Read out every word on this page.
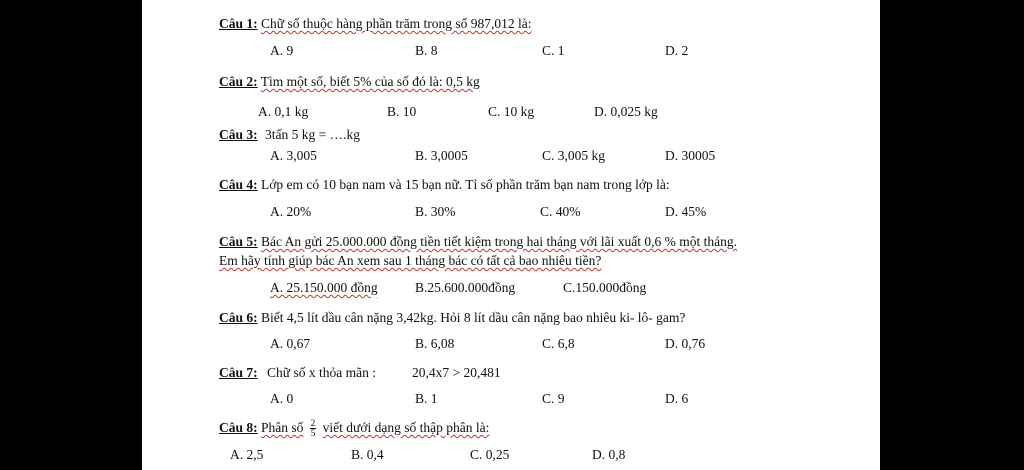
Câu 1: Chữ số thuộc hàng phần trăm trong số 987,012 là:
A. 9	B. 8	C. 1	D. 2
Câu 2: Tìm một số, biết 5% của số đó là: 0,5 kg
A. 0,1 kg	B. 10	C. 10 kg	D. 0,025 kg
Câu 3: 3tấn 5 kg = ….kg
A. 3,005	B. 3,0005	C. 3,005 kg	D. 30005
Câu 4: Lớp em có 10 bạn nam và 15 bạn nữ. Tỉ số phần trăm bạn nam trong lớp là:
A. 20%	B. 30%	C. 40%	D. 45%
Câu 5: Bác An gửi 25.000.000 đồng tiền tiết kiệm trong hai tháng với lãi xuất 0,6 % một tháng.
Em hãy tính giúp bác An xem sau 1 tháng bác có tất cả bao nhiêu tiền?
A. 25.150.000 đồng	B.25.600.000đồng	C.150.000đồng
Câu 6: Biết 4,5 lít dầu cân nặng 3,42kg. Hỏi 8 lít dầu cân nặng bao nhiêu ki- lô- gam?
A. 0,67	B. 6,08	C. 6,8	D. 0,76
Câu 7: Chữ số x thỏa mãn :	20,4x7 > 20,481
A. 0	B. 1	C. 9	D. 6
Câu 8: Phân số $\frac{2}{5}$ viết dưới dạng số thập phân là:
A. 2,5	B. 0,4	C. 0,25	D. 0,8
